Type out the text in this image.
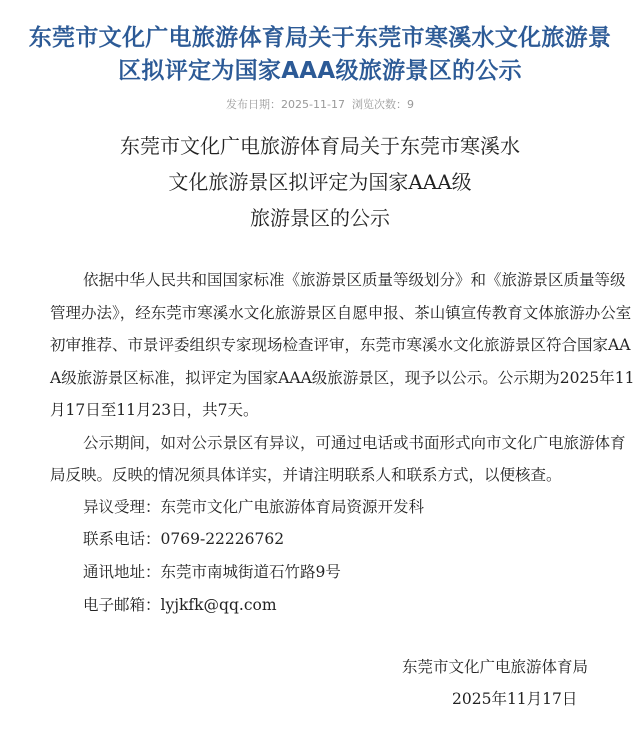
东莞市文化广电旅游体育局关于东莞市寒溪水文化旅游景
区拟评定为国家AAA级旅游景区的公示
发布日期：2025-11-17 浏览次数：9
东莞市文化广电旅游体育局关于东莞市寒溪水
文化旅游景区拟评定为国家AAA级
旅游景区的公示
依据中华人民共和国国家标准《旅游景区质量等级划分》和《旅游景区质量等级
管理办法》，经东莞市寒溪水文化旅游景区自愿申报、茶山镇宣传教育文体旅游办公室
初审推荐、市景评委组织专家现场检查评审，东莞市寒溪水文化旅游景区符合国家AA
A级旅游景区标准，拟评定为国家AAA级旅游景区，现予以公示。公示期为2025年11
月17日至11月23日，共7天。
公示期间，如对公示景区有异议，可通过电话或书面形式向市文化广电旅游体育
局反映。反映的情况须具体详实，并请注明联系人和联系方式，以便核查。
异议受理：东莞市文化广电旅游体育局资源开发科
联系电话：0769-22226762
通讯地址：东莞市南城街道石竹路9号
电子邮箱：lyjkfk@qq.com
东莞市文化广电旅游体育局
2025年11月17日
